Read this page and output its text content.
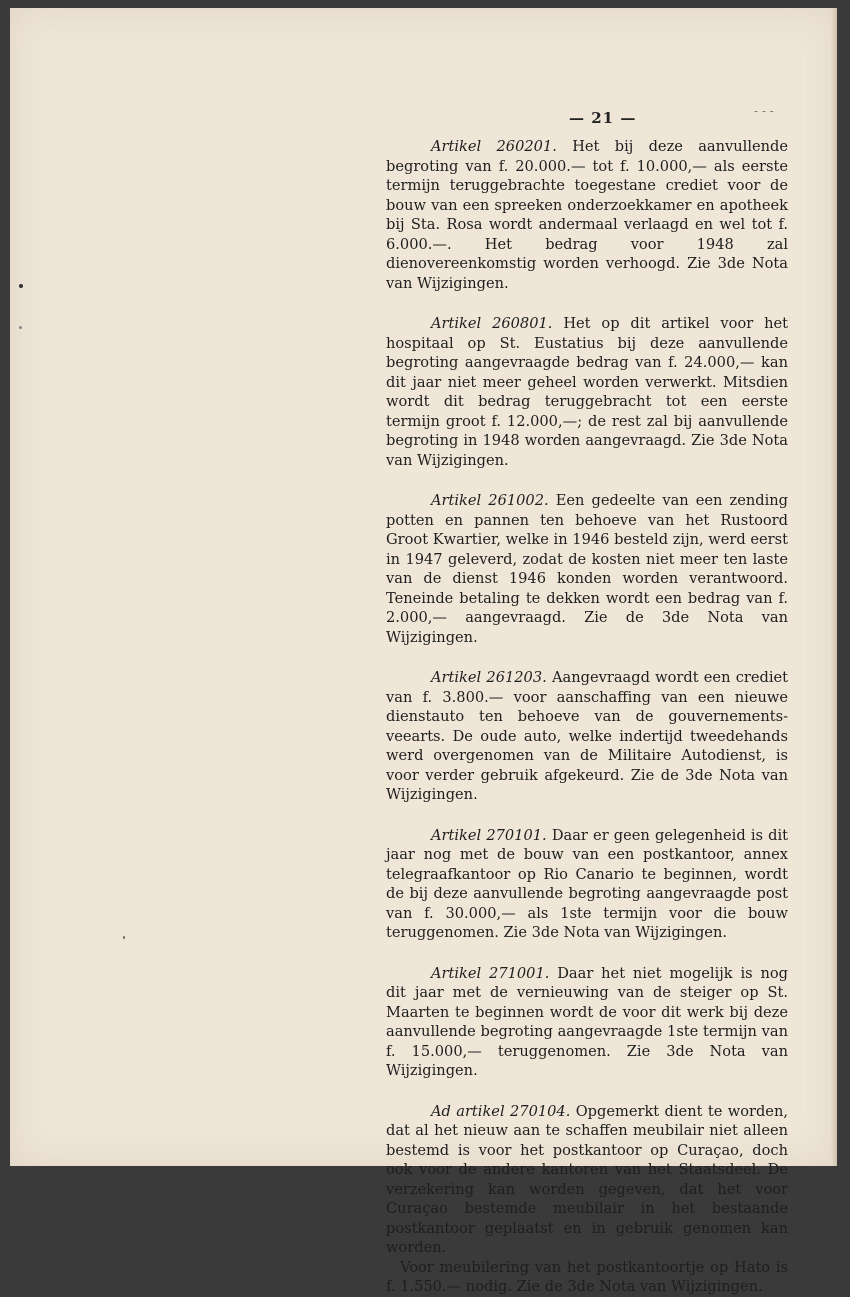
— 21 —	- - -

Artikel 260201. Het bij deze aanvullende begroting van f. 20.000.— tot f. 10.000,— als eerste termijn teruggebrachte toegestane crediet voor de bouw van een spreeken onderzoekkamer en apotheek bij Sta. Rosa wordt andermaal verlaagd en wel tot f. 6.000.—. Het bedrag voor 1948 zal dienovereenkomstig worden verhoogd. Zie 3de Nota van Wijzigingen.

Artikel 260801. Het op dit artikel voor het hospitaal op St. Eustatius bij deze aanvullende begroting aangevraagde bedrag van f. 24.000,— kan dit jaar niet meer geheel worden verwerkt. Mitsdien wordt dit bedrag teruggebracht tot een eerste termijn groot f. 12.000,—; de rest zal bij aanvullende begroting in 1948 worden aangevraagd. Zie 3de Nota van Wijzigingen.

Artikel 261002. Een gedeelte van een zending potten en pannen ten behoeve van het Rustoord Groot Kwartier, welke in 1946 besteld zijn, werd eerst in 1947 geleverd, zodat de kosten niet meer ten laste van de dienst 1946 konden worden verantwoord. Teneinde betaling te dekken wordt een bedrag van f. 2.000,— aangevraagd. Zie de 3de Nota van Wijzigingen.

Artikel 261203. Aangevraagd wordt een crediet van f. 3.800.— voor aanschaffing van een nieuwe dienstauto ten behoeve van de gouvernements-veearts. De oude auto, welke indertijd tweedehands werd overgenomen van de Militaire Autodienst, is voor verder gebruik afgekeurd. Zie de 3de Nota van Wijzigingen.

Artikel 270101. Daar er geen gelegenheid is dit jaar nog met de bouw van een postkantoor, annex telegraafkantoor op Rio Canario te beginnen, wordt de bij deze aanvullende begroting aangevraagde post van f. 30.000,— als 1ste termijn voor die bouw teruggenomen. Zie 3de Nota van Wijzigingen.

Artikel 271001. Daar het niet mogelijk is nog dit jaar met de vernieuwing van de steiger op St. Maarten te beginnen wordt de voor dit werk bij deze aanvullende begroting aangevraagde 1ste termijn van f. 15.000,— teruggenomen. Zie 3de Nota van Wijzigingen.

Ad artikel 270104. Opgemerkt dient te worden, dat al het nieuw aan te schaffen meubilair niet alleen bestemd is voor het postkantoor op Curaçao, doch ook voor de andere kantoren van het Staatsdeel. De verzekering kan worden gegeven, dat het voor Curaçao bestemde meubilair in het bestaande postkantoor geplaatst en in gebruik genomen kan worden.

Voor meubilering van het postkantoortje op Hato is f. 1.550.— nodig. Zie de 3de Nota van Wijzigingen.
